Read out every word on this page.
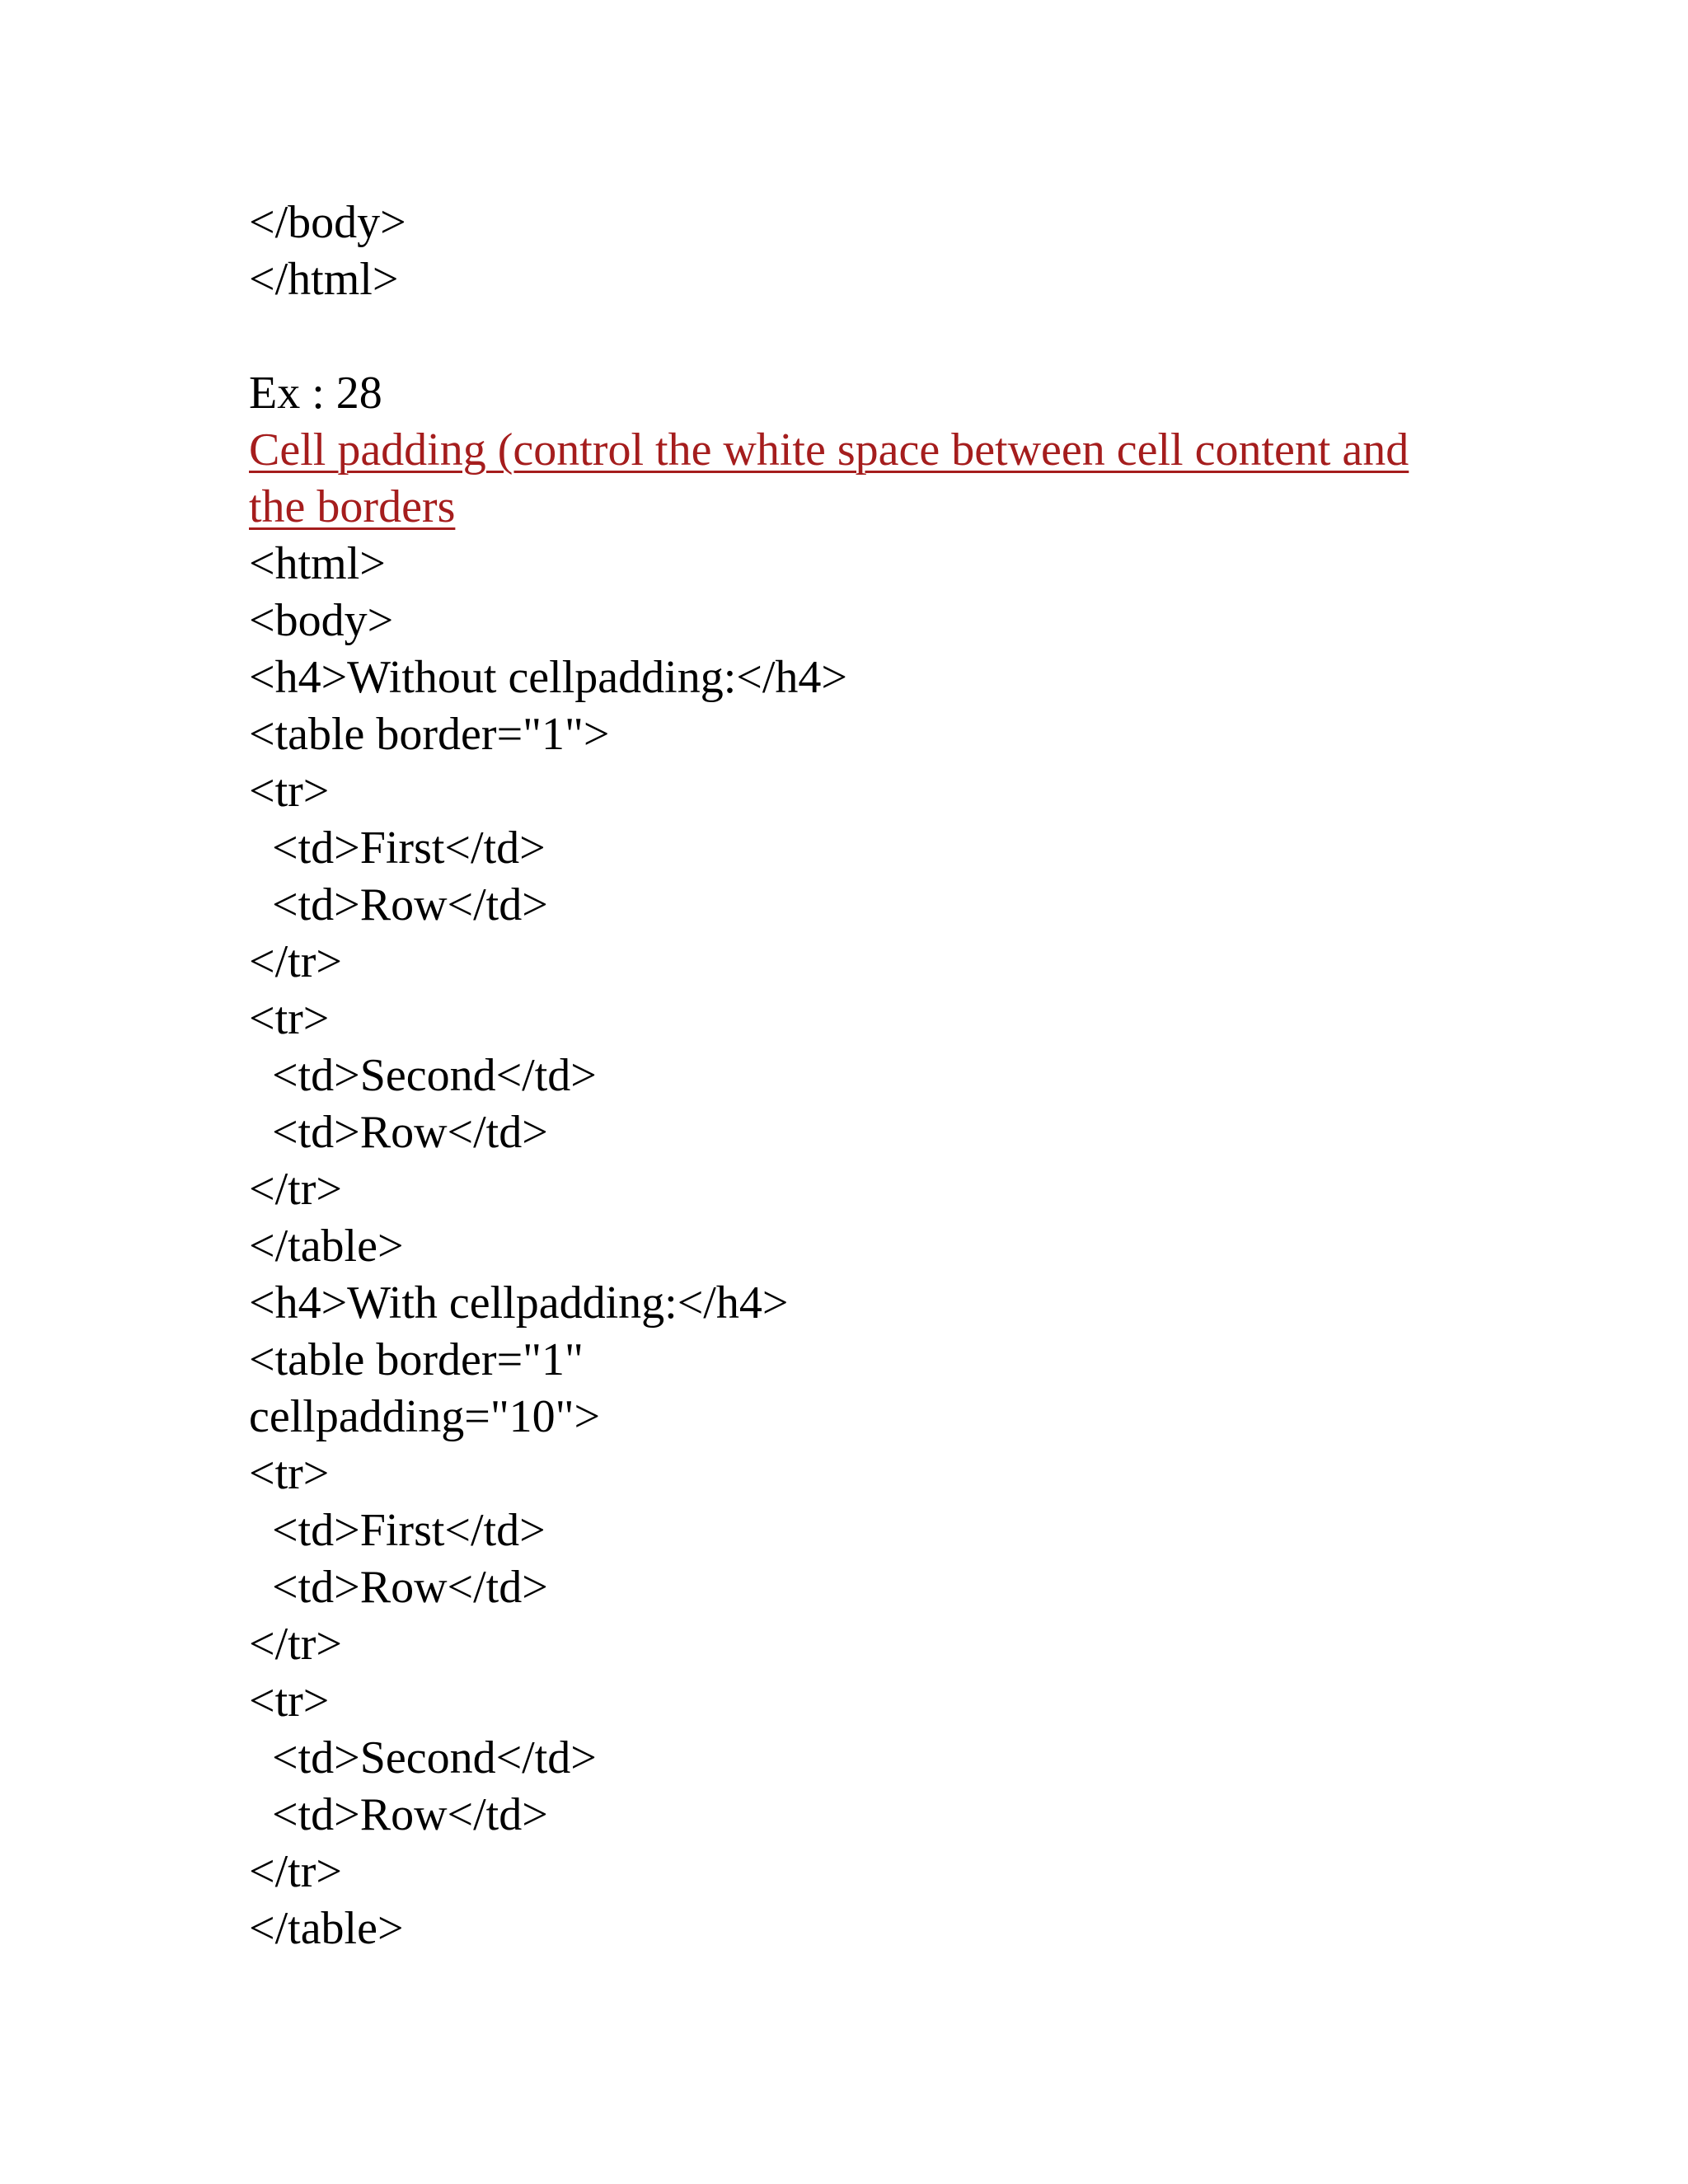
</body>
</html>
Ex : 28
Cell padding (control the white space between cell content and the borders
<html>
<body>
<h4>Without cellpadding:</h4>
<table border="1">
<tr>
<td>First</td>
<td>Row</td>
</tr>
<tr>
<td>Second</td>
<td>Row</td>
</tr>
</table>
<h4>With cellpadding:</h4>
<table border="1"
cellpadding="10">
<tr>
<td>First</td>
<td>Row</td>
</tr>
<tr>
<td>Second</td>
<td>Row</td>
</tr>
</table>
